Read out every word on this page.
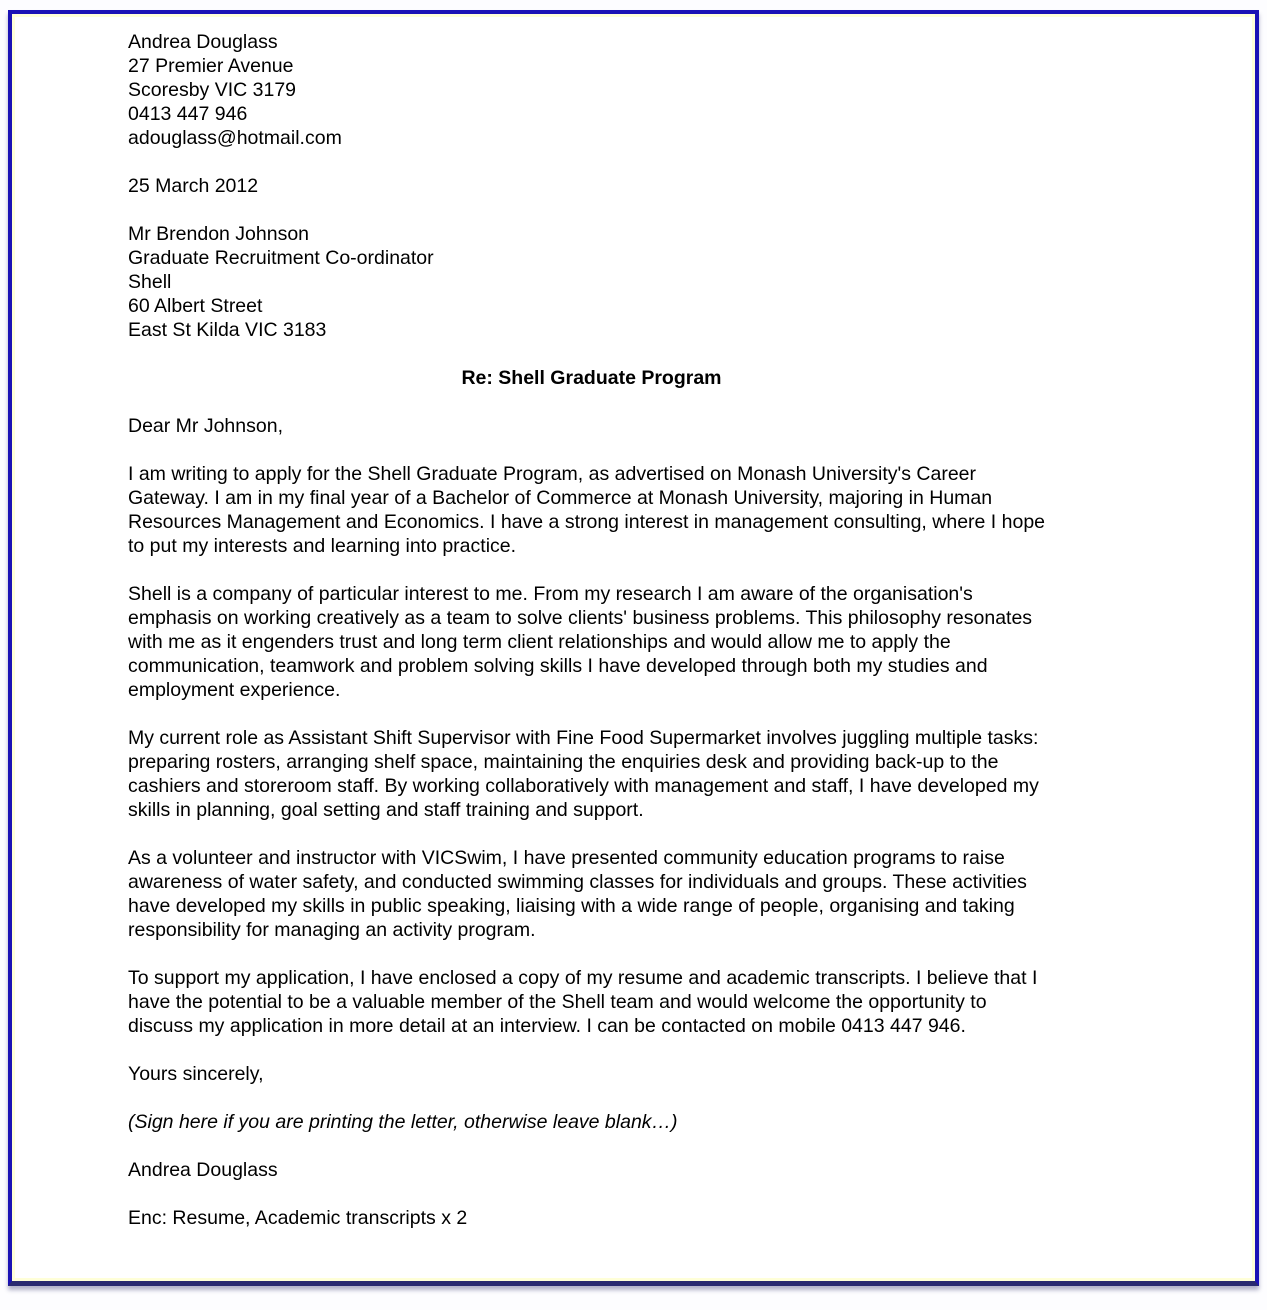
Andrea Douglass
27 Premier Avenue
Scoresby VIC 3179
0413 447 946
adouglass@hotmail.com
25 March 2012
Mr Brendon Johnson
Graduate Recruitment Co-ordinator
Shell
60 Albert Street
East St Kilda VIC 3183
Re: Shell Graduate Program
Dear Mr Johnson,

I am writing to apply for the Shell Graduate Program, as advertised on Monash University's Career Gateway. I am in my final year of a Bachelor of Commerce at Monash University, majoring in Human Resources Management and Economics. I have a strong interest in management consulting, where I hope to put my interests and learning into practice.

Shell is a company of particular interest to me. From my research I am aware of the organisation's emphasis on working creatively as a team to solve clients' business problems. This philosophy resonates with me as it engenders trust and long term client relationships and would allow me to apply the communication, teamwork and problem solving skills I have developed through both my studies and employment experience.

My current role as Assistant Shift Supervisor with Fine Food Supermarket involves juggling multiple tasks: preparing rosters, arranging shelf space, maintaining the enquiries desk and providing back-up to the cashiers and storeroom staff. By working collaboratively with management and staff, I have developed my skills in planning, goal setting and staff training and support.

As a volunteer and instructor with VICSwim, I have presented community education programs to raise awareness of water safety, and conducted swimming classes for individuals and groups. These activities have developed my skills in public speaking, liaising with a wide range of people, organising and taking responsibility for managing an activity program.

To support my application, I have enclosed a copy of my resume and academic transcripts. I believe that I have the potential to be a valuable member of the Shell team and would welcome the opportunity to discuss my application in more detail at an interview. I can be contacted on mobile 0413 447 946.

Yours sincerely,
(Sign here if you are printing the letter, otherwise leave blank…)
Andrea Douglass
Enc: Resume, Academic transcripts x 2
